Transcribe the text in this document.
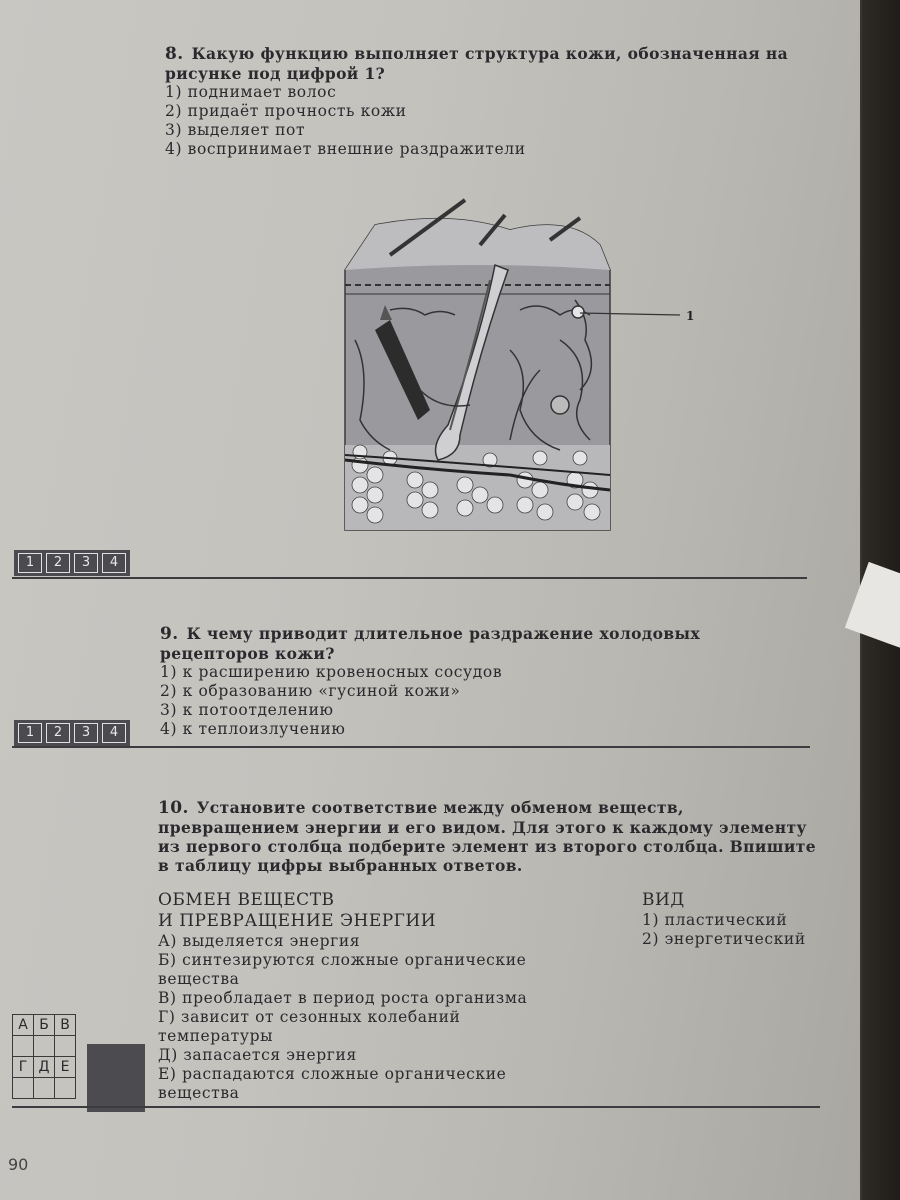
8. Какую функцию выполняет структура кожи, обозначенная на рисунке под цифрой 1?
1) поднимает волос
2) придаёт прочность кожи
3) выделяет пот
4) воспринимает внешние раздражители
1
1	2	3	4
9. К чему приводит длительное раздражение холодовых рецепторов кожи?
1) к расширению кровеносных сосудов
2) к образованию «гусиной кожи»
3) к потоотделению
4) к теплоизлучению
1	2	3	4
10. Установите соответствие между обменом веществ, превращением энергии и его видом. Для этого к каждому элементу из первого столбца подберите элемент из второго столбца. Впишите в таблицу цифры выбранных ответов.
ОБМЕН ВЕЩЕСТВ
И ПРЕВРАЩЕНИЕ ЭНЕРГИИ
А) выделяется энергия
Б) синтезируются сложные органические вещества
В) преобладает в период роста организма
Г) зависит от сезонных колебаний температуры
Д) запасается энергия
Е) распадаются сложные органические вещества
ВИД
1) пластический
2) энергетический
А	Б	В

Г	Д	Е

90
